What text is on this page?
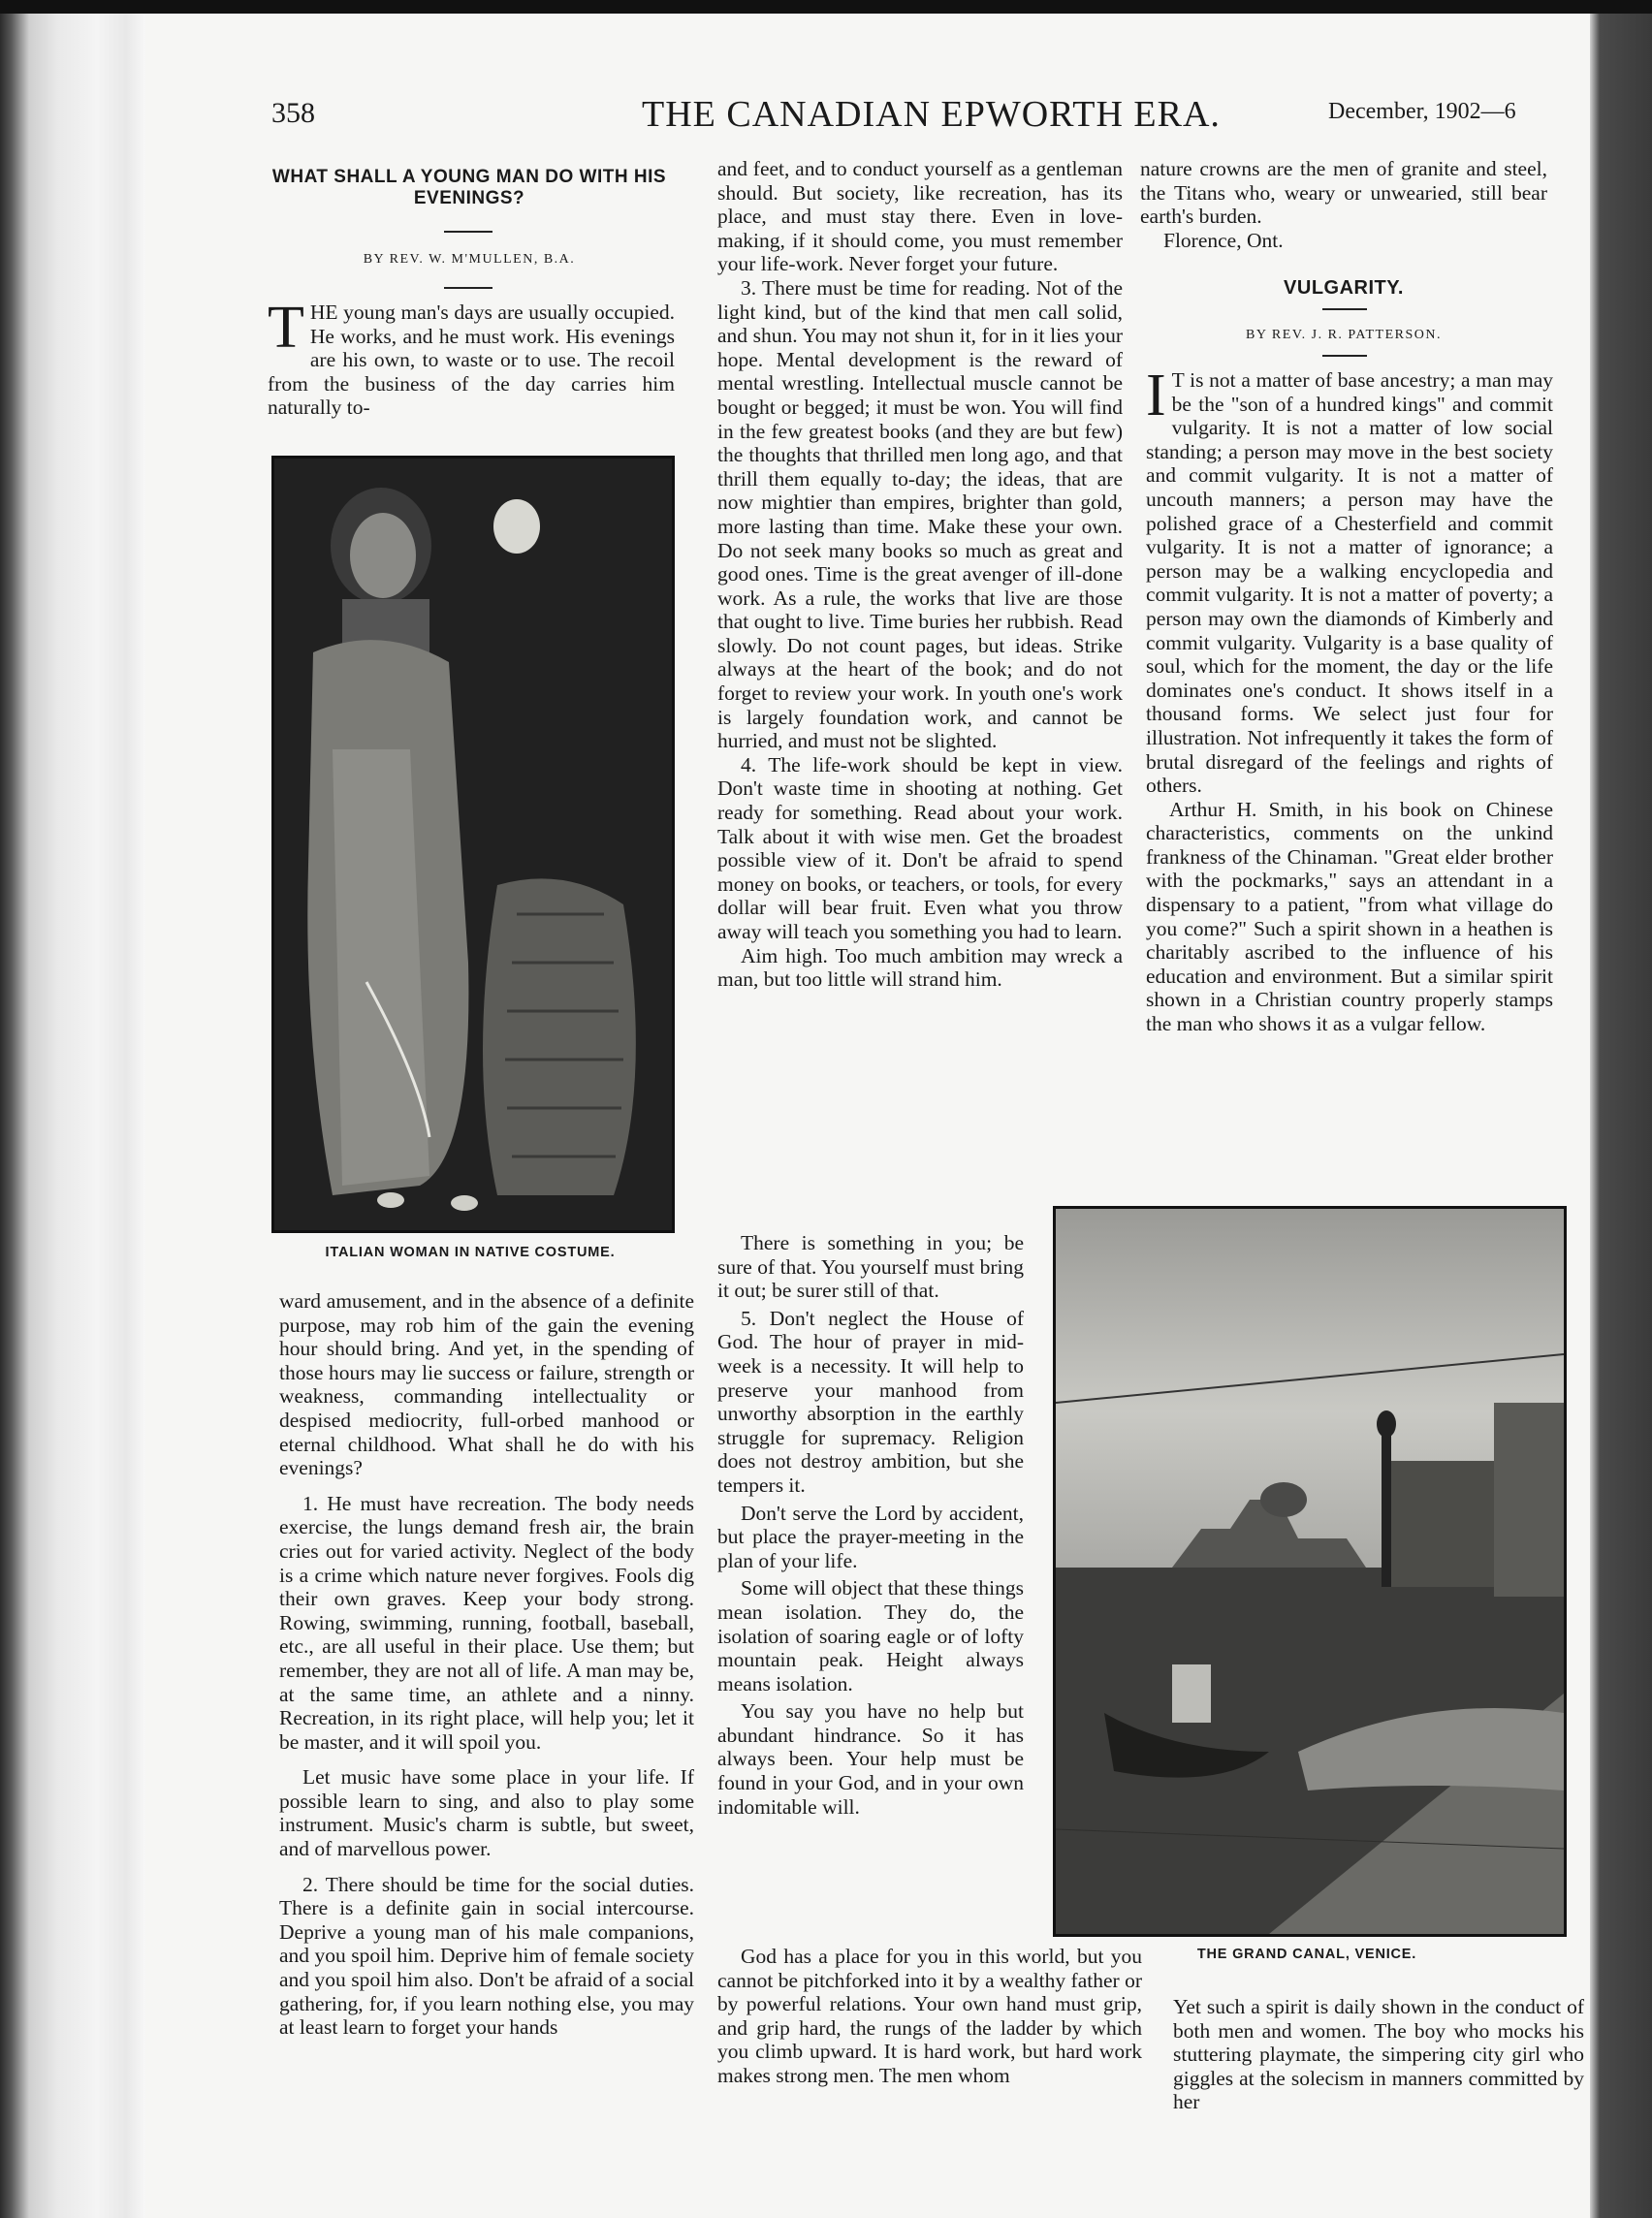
358	THE CANADIAN EPWORTH ERA.	December, 1902—6
WHAT SHALL A YOUNG MAN DO WITH HIS EVENINGS?
BY REV. W. M'MULLEN, B.A.

THE young man's days are usually occupied. He works, and he must work. His evenings are his own, to waste or to use. The recoil from the business of the day carries him naturally to-

ITALIAN WOMAN IN NATIVE COSTUME.

ward amusement, and in the absence of a definite purpose, may rob him of the gain the evening hour should bring. And yet, in the spending of those hours may lie success or failure, strength or weakness, commanding intellectuality or despised mediocrity, full-orbed manhood or eternal childhood. What shall he do with his evenings?

1. He must have recreation. The body needs exercise, the lungs demand fresh air, the brain cries out for varied activity. Neglect of the body is a crime which nature never forgives. Fools dig their own graves. Keep your body strong. Rowing, swimming, running, football, baseball, etc., are all useful in their place. Use them; but remember, they are not all of life. A man may be, at the same time, an athlete and a ninny. Recreation, in its right place, will help you; let it be master, and it will spoil you.

Let music have some place in your life. If possible learn to sing, and also to play some instrument. Music's charm is subtle, but sweet, and of marvellous power.

2. There should be time for the social duties. There is a definite gain in social intercourse. Deprive a young man of his male companions, and you spoil him. Deprive him of female society and you spoil him also. Don't be afraid of a social gathering, for, if you learn nothing else, you may at least learn to forget your hands

and feet, and to conduct yourself as a gentleman should. But society, like recreation, has its place, and must stay there. Even in love-making, if it should come, you must remember your life-work. Never forget your future.

3. There must be time for reading. Not of the light kind, but of the kind that men call solid, and shun. You may not shun it, for in it lies your hope. Mental development is the reward of mental wrestling. Intellectual muscle cannot be bought or begged; it must be won. You will find in the few greatest books (and they are but few) the thoughts that thrilled men long ago, and that thrill them equally to-day; the ideas, that are now mightier than empires, brighter than gold, more lasting than time. Make these your own. Do not seek many books so much as great and good ones. Time is the great avenger of ill-done work. As a rule, the works that live are those that ought to live. Time buries her rubbish. Read slowly. Do not count pages, but ideas. Strike always at the heart of the book; and do not forget to review your work. In youth one's work is largely foundation work, and cannot be hurried, and must not be slighted.

4. The life-work should be kept in view. Don't waste time in shooting at nothing. Get ready for something. Read about your work. Talk about it with wise men. Get the broadest possible view of it. Don't be afraid to spend money on books, or teachers, or tools, for every dollar will bear fruit. Even what you throw away will teach you something you had to learn.

Aim high. Too much ambition may wreck a man, but too little will strand him.

There is something in you; be sure of that. You yourself must bring it out; be surer still of that.

5. Don't neglect the House of God. The hour of prayer in mid-week is a necessity. It will help to preserve your manhood from unworthy absorption in the earthly struggle for supremacy. Religion does not destroy ambition, but she tempers it.

Don't serve the Lord by accident, but place the prayer-meeting in the plan of your life.

Some will object that these things mean isolation. They do, the isolation of soaring eagle or of lofty mountain peak. Height always means isolation.

You say you have no help but abundant hindrance. So it has always been. Your help must be found in your God, and in your own indomitable will.

God has a place for you in this world, but you cannot be pitchforked into it by a wealthy father or by powerful relations. Your own hand must grip, and grip hard, the rungs of the ladder by which you climb upward. It is hard work, but hard work makes strong men. The men whom

nature crowns are the men of granite and steel, the Titans who, weary or unwearied, still bear earth's burden.

Florence, Ont.

VULGARITY.
BY REV. J. R. PATTERSON.

I T is not a matter of base ancestry; a man may be the "son of a hundred kings" and commit vulgarity. It is not a matter of low social standing; a person may move in the best society and commit vulgarity. It is not a matter of uncouth manners; a person may have the polished grace of a Chesterfield and commit vulgarity. It is not a matter of ignorance; a person may be a walking encyclopedia and commit vulgarity. It is not a matter of poverty; a person may own the diamonds of Kimberly and commit vulgarity. Vulgarity is a base quality of soul, which for the moment, the day or the life dominates one's conduct. It shows itself in a thousand forms. We select just four for illustration. Not infrequently it takes the form of brutal disregard of the feelings and rights of others.

Arthur H. Smith, in his book on Chinese characteristics, comments on the unkind frankness of the Chinaman. "Great elder brother with the pockmarks," says an attendant in a dispensary to a patient, "from what village do you come?" Such a spirit shown in a heathen is charitably ascribed to the influence of his education and environment. But a similar spirit shown in a Christian country properly stamps the man who shows it as a vulgar fellow.

THE GRAND CANAL, VENICE.

Yet such a spirit is daily shown in the conduct of both men and women. The boy who mocks his stuttering playmate, the simpering city girl who giggles at the solecism in manners committed by her
